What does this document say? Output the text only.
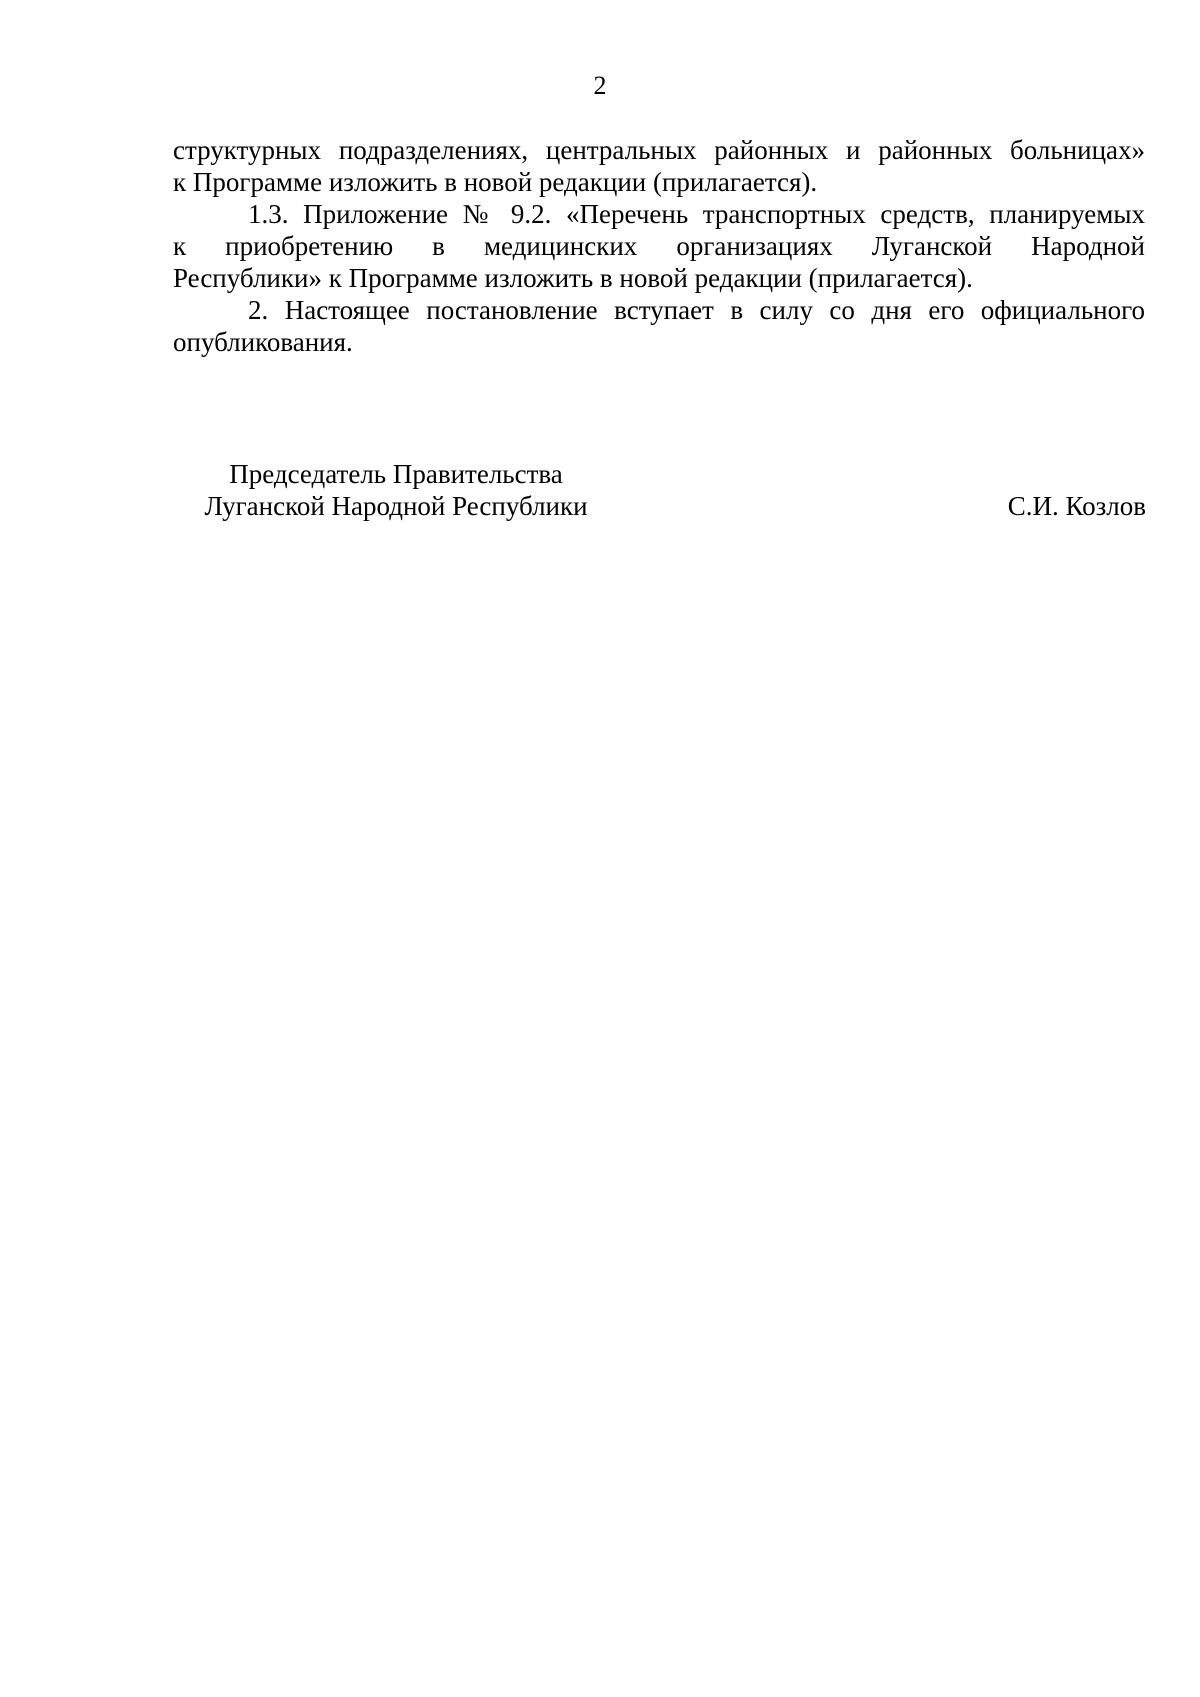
2
структурных подразделениях, центральных районных и районных больницах»
к Программе изложить в новой редакции (прилагается).
1.3. Приложение № 9.2. «Перечень транспортных средств, планируемых
к приобретению в медицинских организациях Луганской Народной
Республики» к Программе изложить в новой редакции (прилагается).
2. Настоящее постановление вступает в силу со дня его официального
опубликования.
Председатель Правительства
Луганской Народной Республики	С.И. Козлов
